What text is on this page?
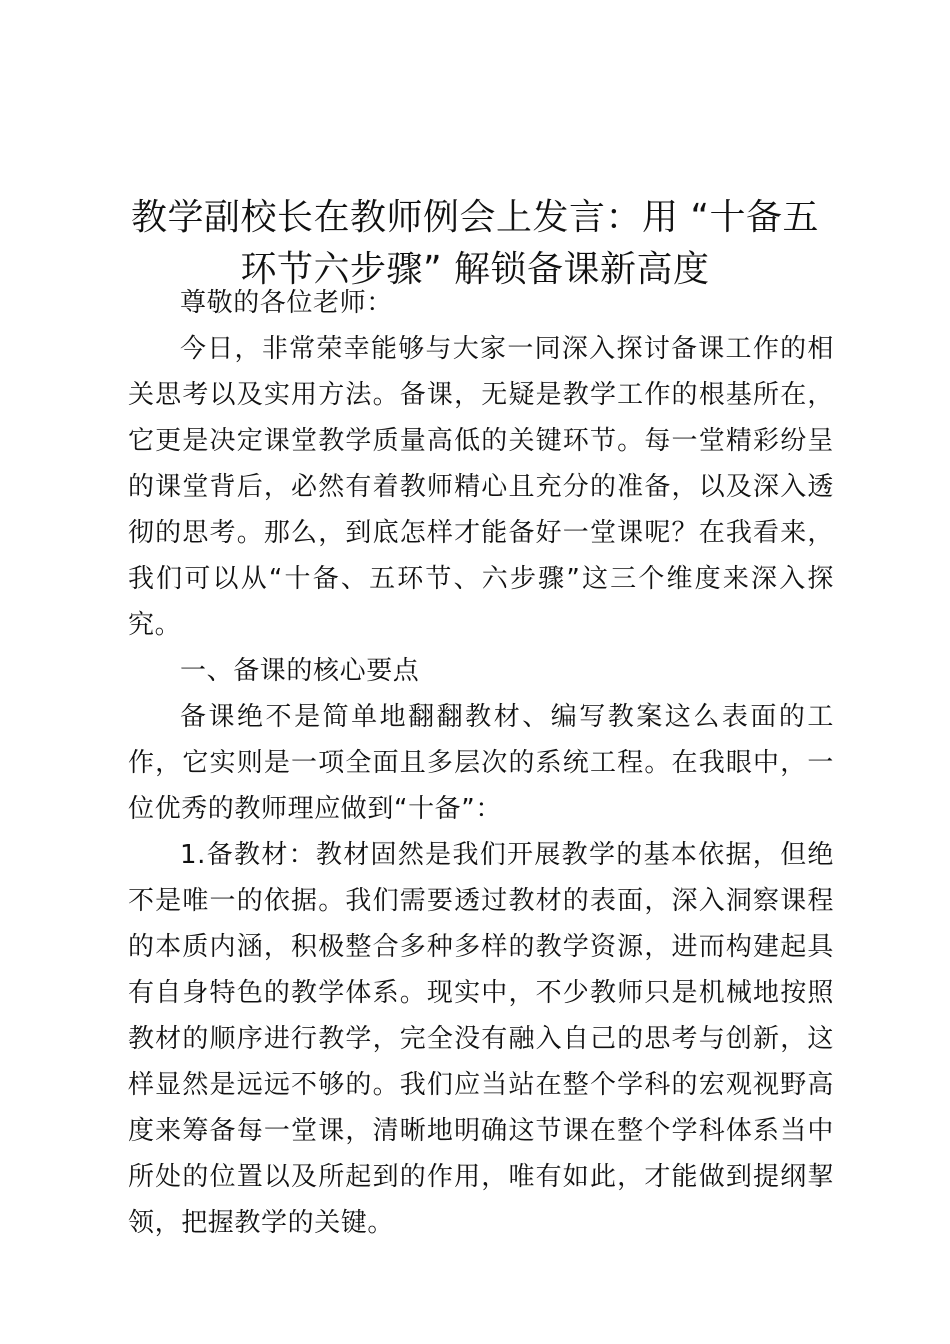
教学副校长在教师例会上发言：用 “十备五环节六步骤” 解锁备课新高度

尊敬的各位老师：

今日，非常荣幸能够与大家一同深入探讨备课工作的相关思考以及实用方法。备课，无疑是教学工作的根基所在，它更是决定课堂教学质量高低的关键环节。每一堂精彩纷呈的课堂背后，必然有着教师精心且充分的准备，以及深入透彻的思考。那么，到底怎样才能备好一堂课呢？在我看来，我们可以从“十备、五环节、六步骤”这三个维度来深入探究。

一、备课的核心要点

备课绝不是简单地翻翻教材、编写教案这么表面的工作，它实则是一项全面且多层次的系统工程。在我眼中，一位优秀的教师理应做到“十备”：

1.备教材：教材固然是我们开展教学的基本依据，但绝不是唯一的依据。我们需要透过教材的表面，深入洞察课程的本质内涵，积极整合多种多样的教学资源，进而构建起具有自身特色的教学体系。现实中，不少教师只是机械地按照教材的顺序进行教学，完全没有融入自己的思考与创新，这样显然是远远不够的。我们应当站在整个学科的宏观视野高度来筹备每一堂课，清晰地明确这节课在整个学科体系当中所处的位置以及所起到的作用，唯有如此，才能做到提纲挈领，把握教学的关键。
